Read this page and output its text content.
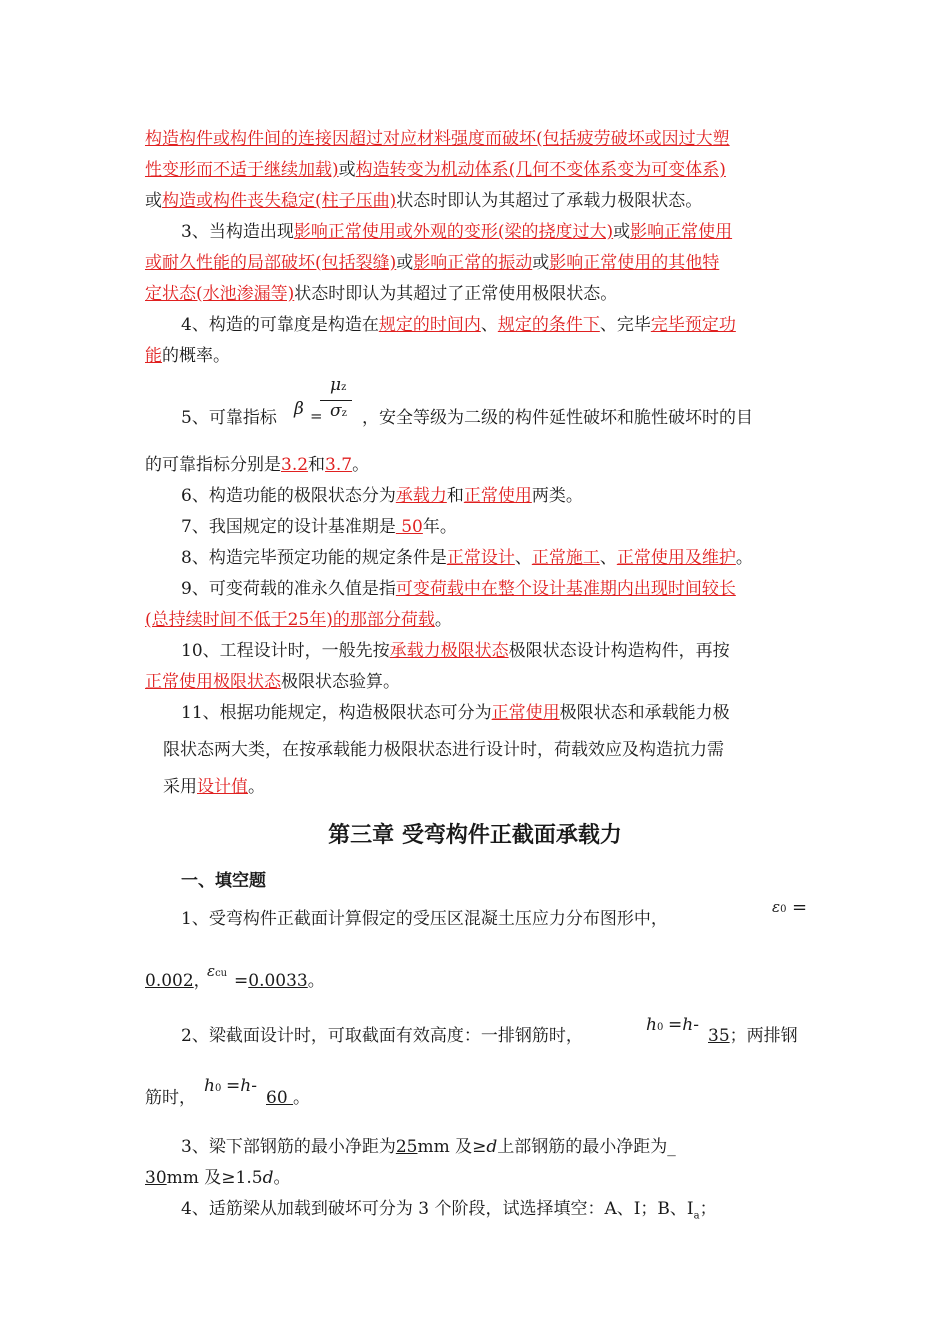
构造构件或构件间的连接因超过对应材料强度而破坏(包括疲劳破坏或因过大塑
性变形而不适于继续加载)或构造转变为机动体系(几何不变体系变为可变体系)
或构造或构件丧失稳定(柱子压曲)状态时即认为其超过了承载力极限状态。
3、当构造出现影响正常使用或外观的变形(梁的挠度过大)或影响正常使用
或耐久性能的局部破坏(包括裂缝)或影响正常的振动或影响正常使用的其他特
定状态(水池渗漏等)状态时即认为其超过了正常使用极限状态。
4、构造的可靠度是构造在规定的时间内、规定的条件下、完毕完毕预定功
能的概率。
5、可靠指标	β =
μz
σz ，安全等级为二级的构件延性破坏和脆性破坏时的目
的可靠指标分别是3.2和3.7。
6、构造功能的极限状态分为承载力和正常使用两类。
7、我国规定的设计基准期是 50年。
8、构造完毕预定功能的规定条件是正常设计、正常施工、正常使用及维护。
9、可变荷载的准永久值是指可变荷载中在整个设计基准期内出现时间较长
(总持续时间不低于25年)的那部分荷载。
10、工程设计时，一般先按承载力极限状态极限状态设计构造构件，再按
正常使用极限状态极限状态验算。
11、根据功能规定，构造极限状态可分为正常使用极限状态和承载能力极
限状态两大类，在按承载能力极限状态进行设计时，荷载效应及构造抗力需
采用设计值。
第三章 受弯构件正截面承载力
一、填空题
1、受弯构件正截面计算假定的受压区混凝土压应力分布图形中，
ε0 =
0.002，
εcu =0.0033。
2、梁截面设计时，可取截面有效高度：一排钢筋时，
h0 =h-
35；两排钢
筋时，
h0 =h-
60 。
3、梁下部钢筋的最小净距为25mm 及≥d上部钢筋的最小净距为_
30mm 及≥1.5d。
4、适筋梁从加载到破坏可分为 3 个阶段，试选择填空：A、I；B、$I_a$；
